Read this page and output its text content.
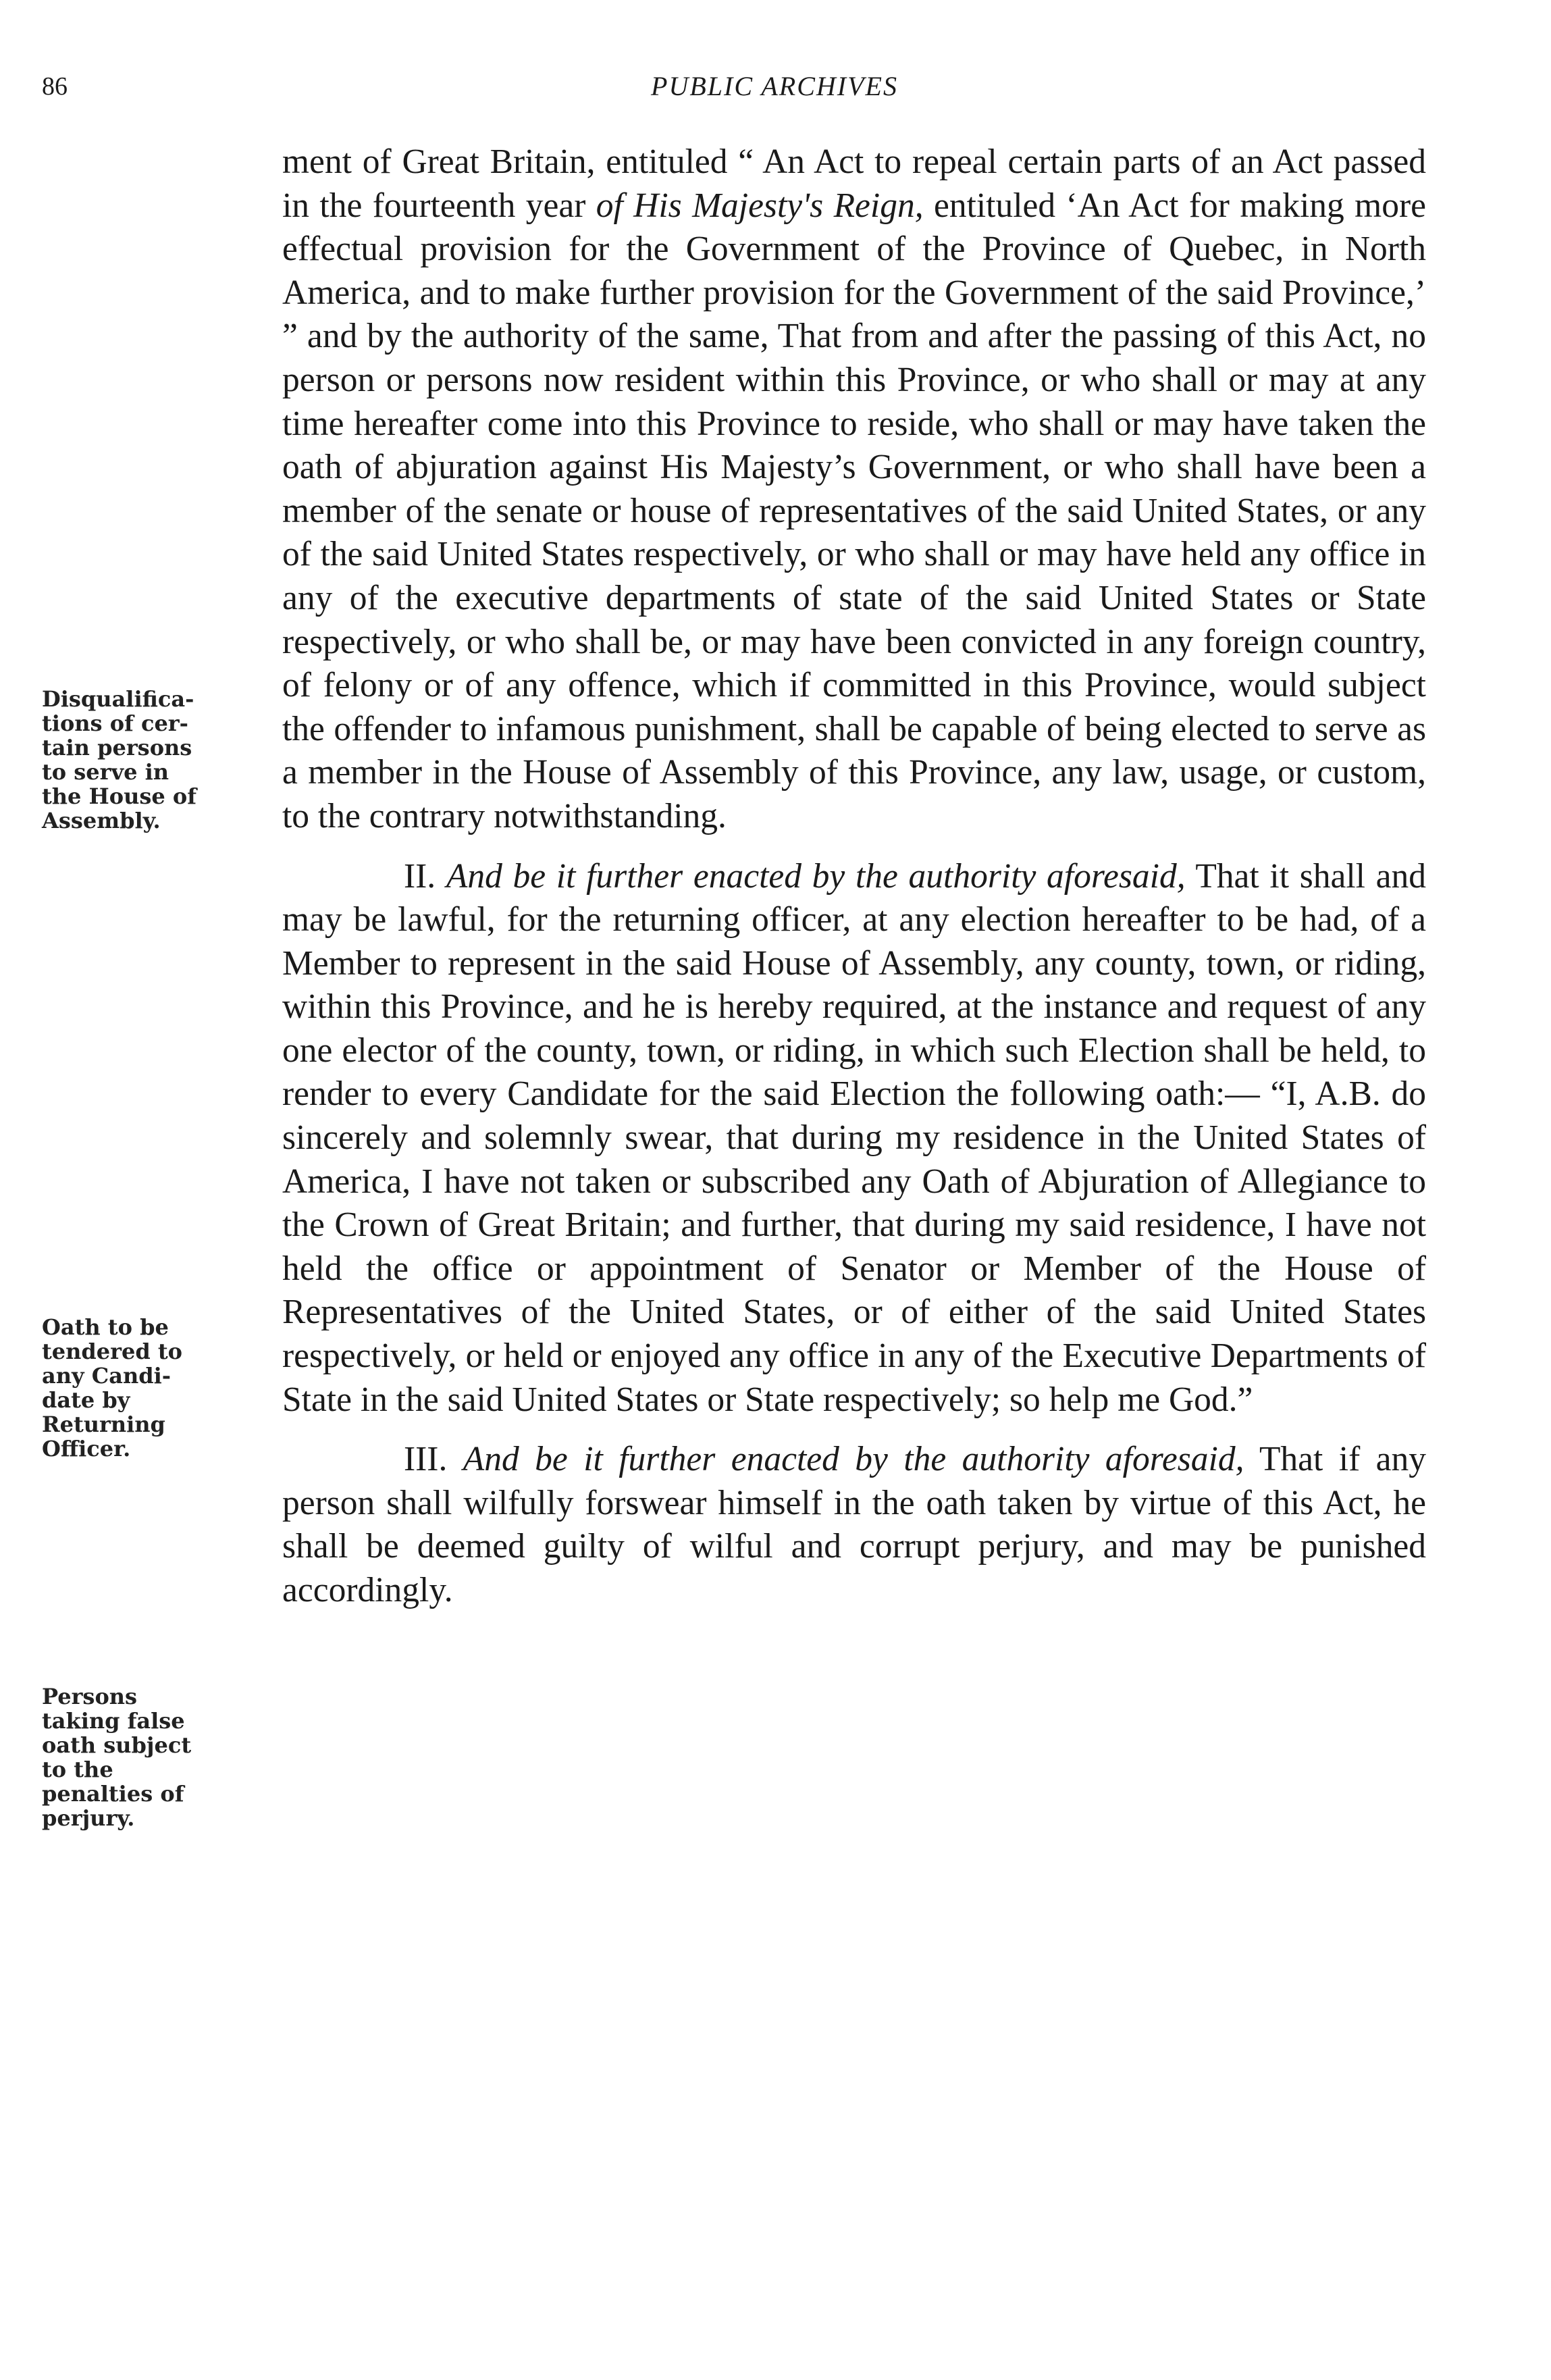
86	PUBLIC ARCHIVES
Disqualifica-
tions of cer-
tain persons
to serve in
the House of
Assembly.
Oath to be
tendered to
any Candi-
date by
Returning
Officer.
Persons
taking false
oath subject
to the
penalties of
perjury.

ment of Great Britain, entituled “ An Act to repeal certain parts of an Act passed in the fourteenth year of His Majesty's Reign, entituled ‘An Act for making more effectual provision for the Government of the Province of Quebec, in North America, and to make further provision for the Government of the said Province,’ ” and by the authority of the same, That from and after the passing of this Act, no person or persons now resident within this Province, or who shall or may at any time hereafter come into this Province to reside, who shall or may have taken the oath of abjuration against His Majesty’s Government, or who shall have been a member of the senate or house of representatives of the said United States, or any of the said United States respectively, or who shall or may have held any office in any of the executive departments of state of the said United States or State respectively, or who shall be, or may have been convicted in any foreign country, of felony or of any offence, which if committed in this Province, would subject the offender to infamous punishment, shall be capable of being elected to serve as a member in the House of Assembly of this Province, any law, usage, or custom, to the contrary notwithstanding.

II. And be it further enacted by the authority aforesaid, That it shall and may be lawful, for the returning officer, at any election hereafter to be had, of a Member to represent in the said House of Assembly, any county, town, or riding, within this Province, and he is hereby required, at the instance and request of any one elector of the county, town, or riding, in which such Election shall be held, to render to every Candidate for the said Election the following oath:— “I, A.B. do sincerely and solemnly swear, that during my residence in the United States of America, I have not taken or subscribed any Oath of Abjuration of Allegiance to the Crown of Great Britain; and further, that during my said residence, I have not held the office or appointment of Senator or Member of the House of Representatives of the United States, or of either of the said United States respectively, or held or enjoyed any office in any of the Executive Departments of State in the said United States or State respectively; so help me God.”

III. And be it further enacted by the authority aforesaid, That if any person shall wilfully forswear himself in the oath taken by virtue of this Act, he shall be deemed guilty of wilful and corrupt perjury, and may be punished accordingly.
